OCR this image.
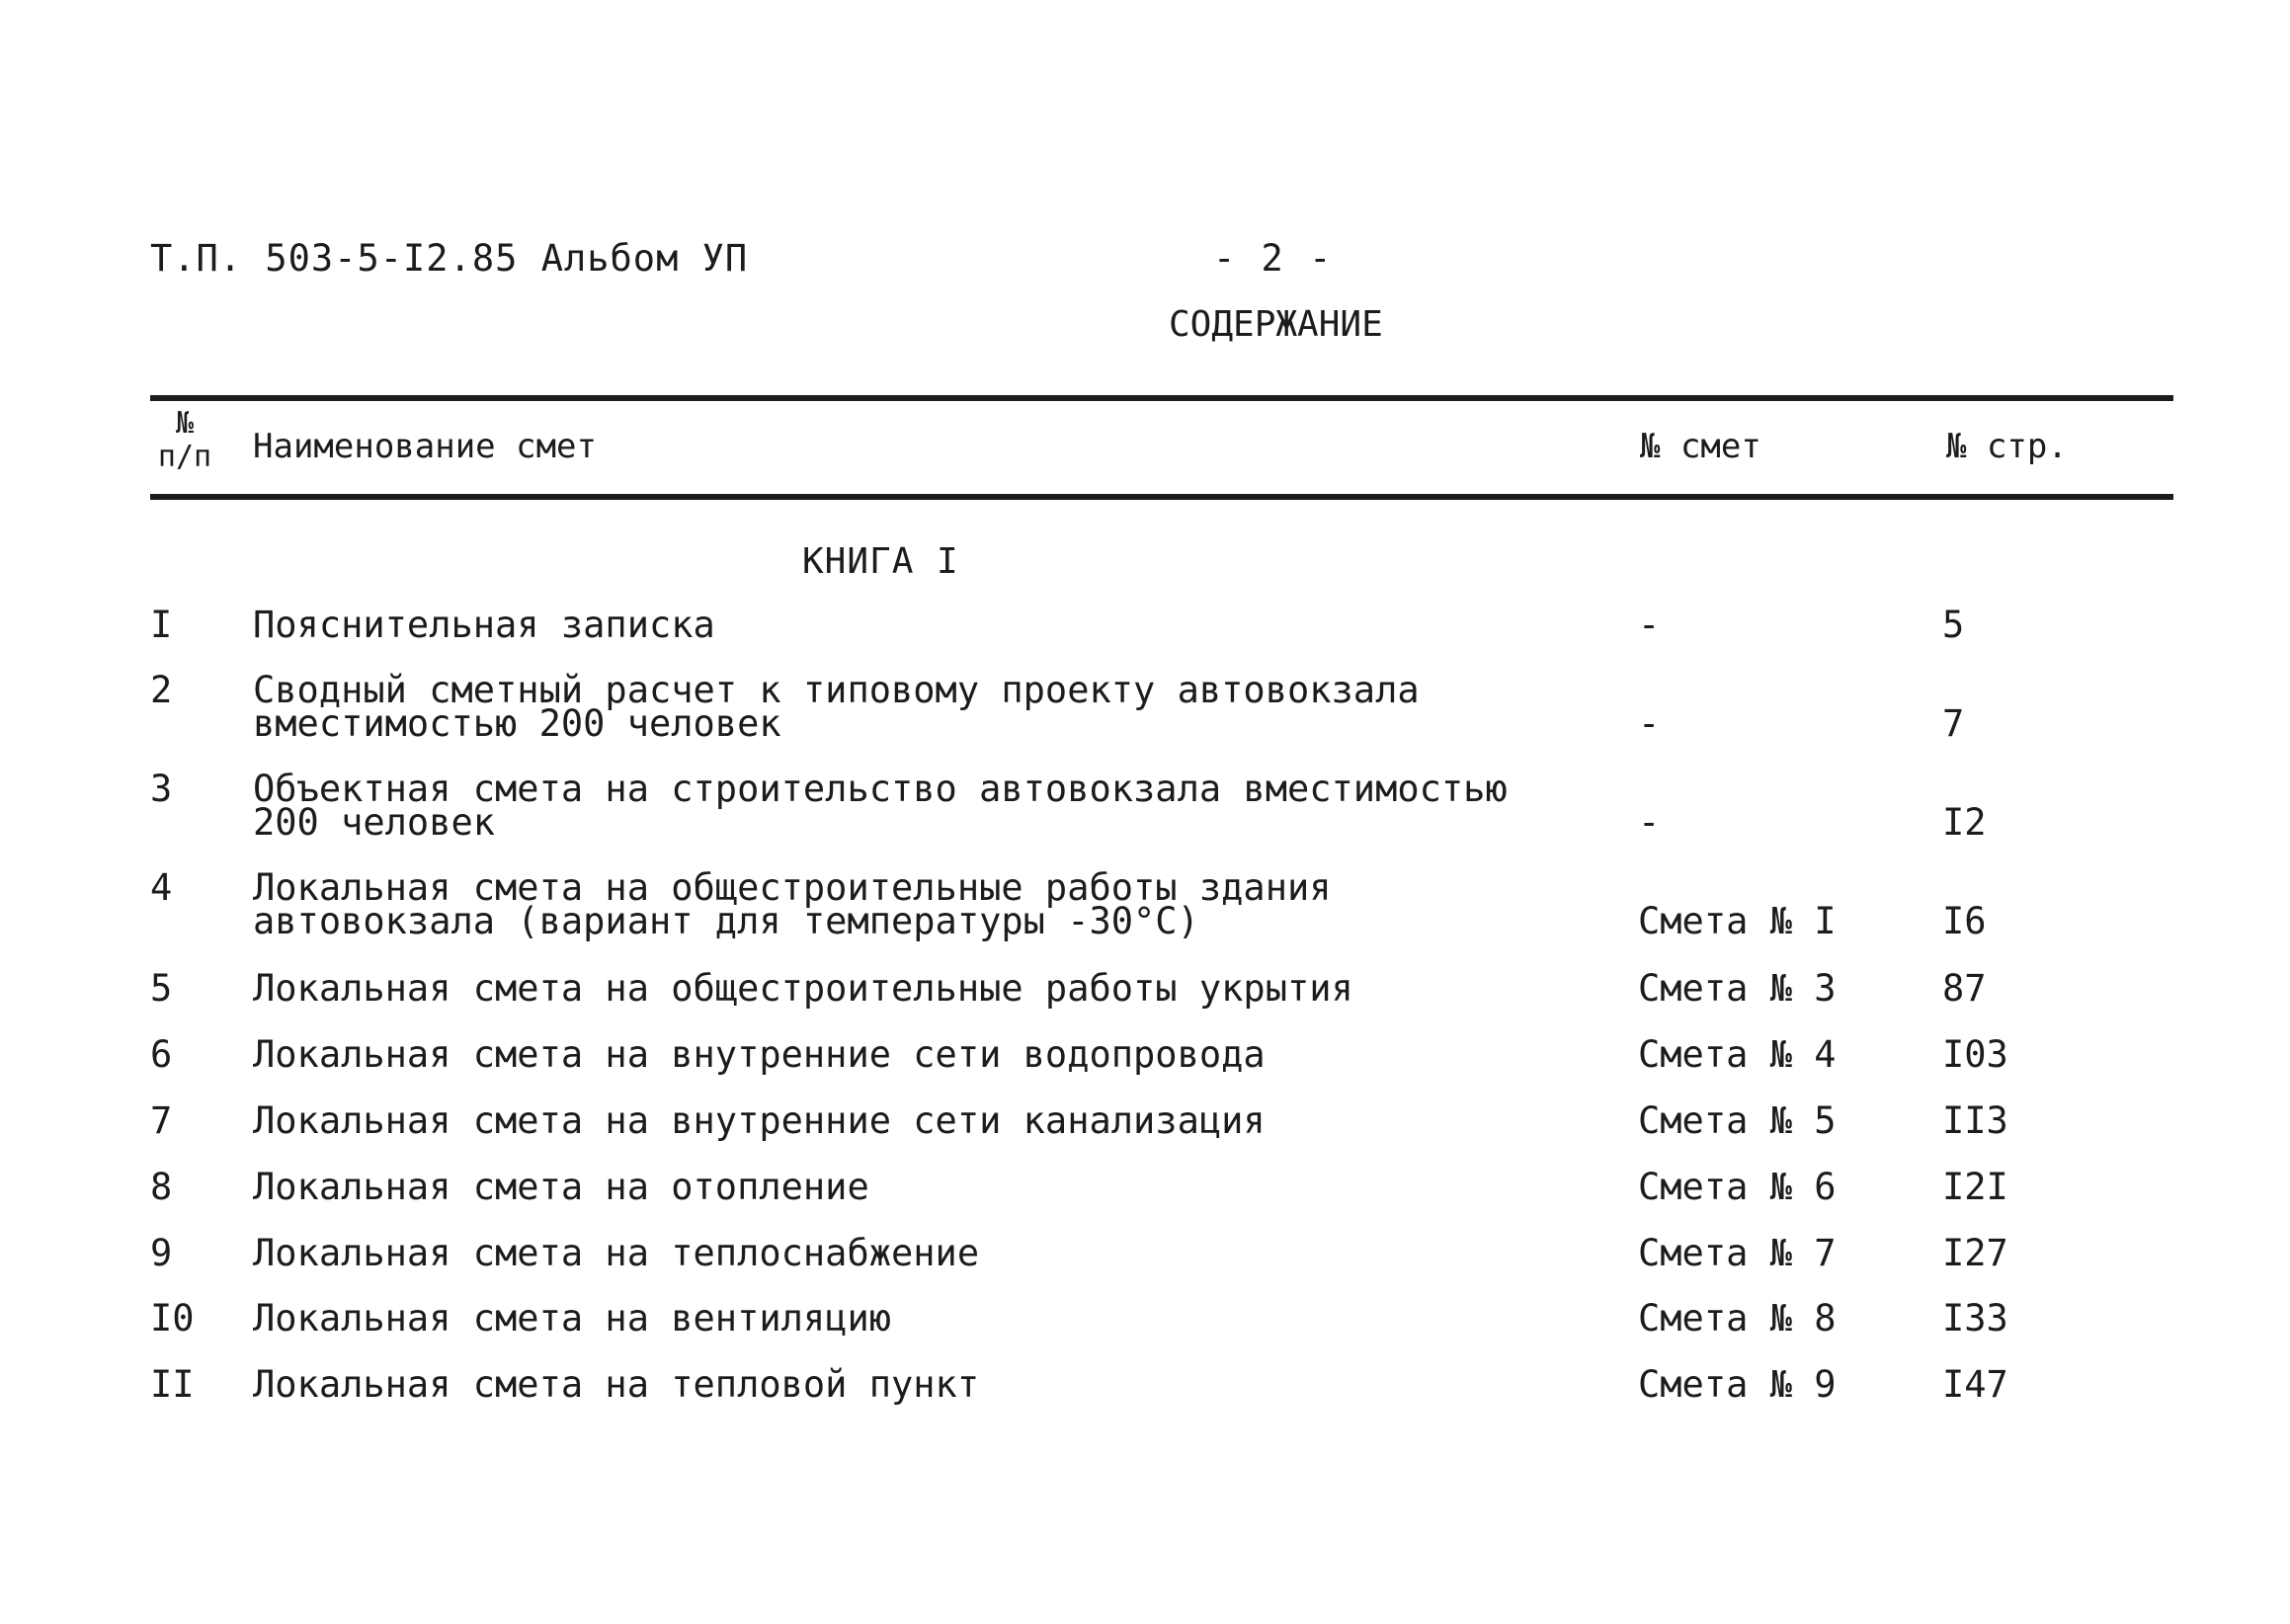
Т.П. 503-5-I2.85 Альбом УП	- 2 -
СОДЕРЖАНИЕ
№ п/п Наименование смет	№ смет	№ стр.
КНИГА I
I Пояснительная записка	-	5
2 Сводный сметный расчет к типовому проекту автовокзала
вместимостью 200 человек	-	7
3 Объектная смета на строительство автовокзала вместимостью
200 человек	-	I2
4 Локальная смета на общестроительные работы здания
автовокзала (вариант для температуры -30°С)	Смета № I	I6
5 Локальная смета на общестроительные работы укрытия	Смета № 3	87
6 Локальная смета на внутренние сети водопровода	Смета № 4	I03
7 Локальная смета на внутренние сети канализация	Смета № 5	II3
8 Локальная смета на отопление	Смета № 6	I2I
9 Локальная смета на теплоснабжение	Смета № 7	I27
I0 Локальная смета на вентиляцию	Смета № 8	I33
II Локальная смета на тепловой пункт	Смета № 9	I47
